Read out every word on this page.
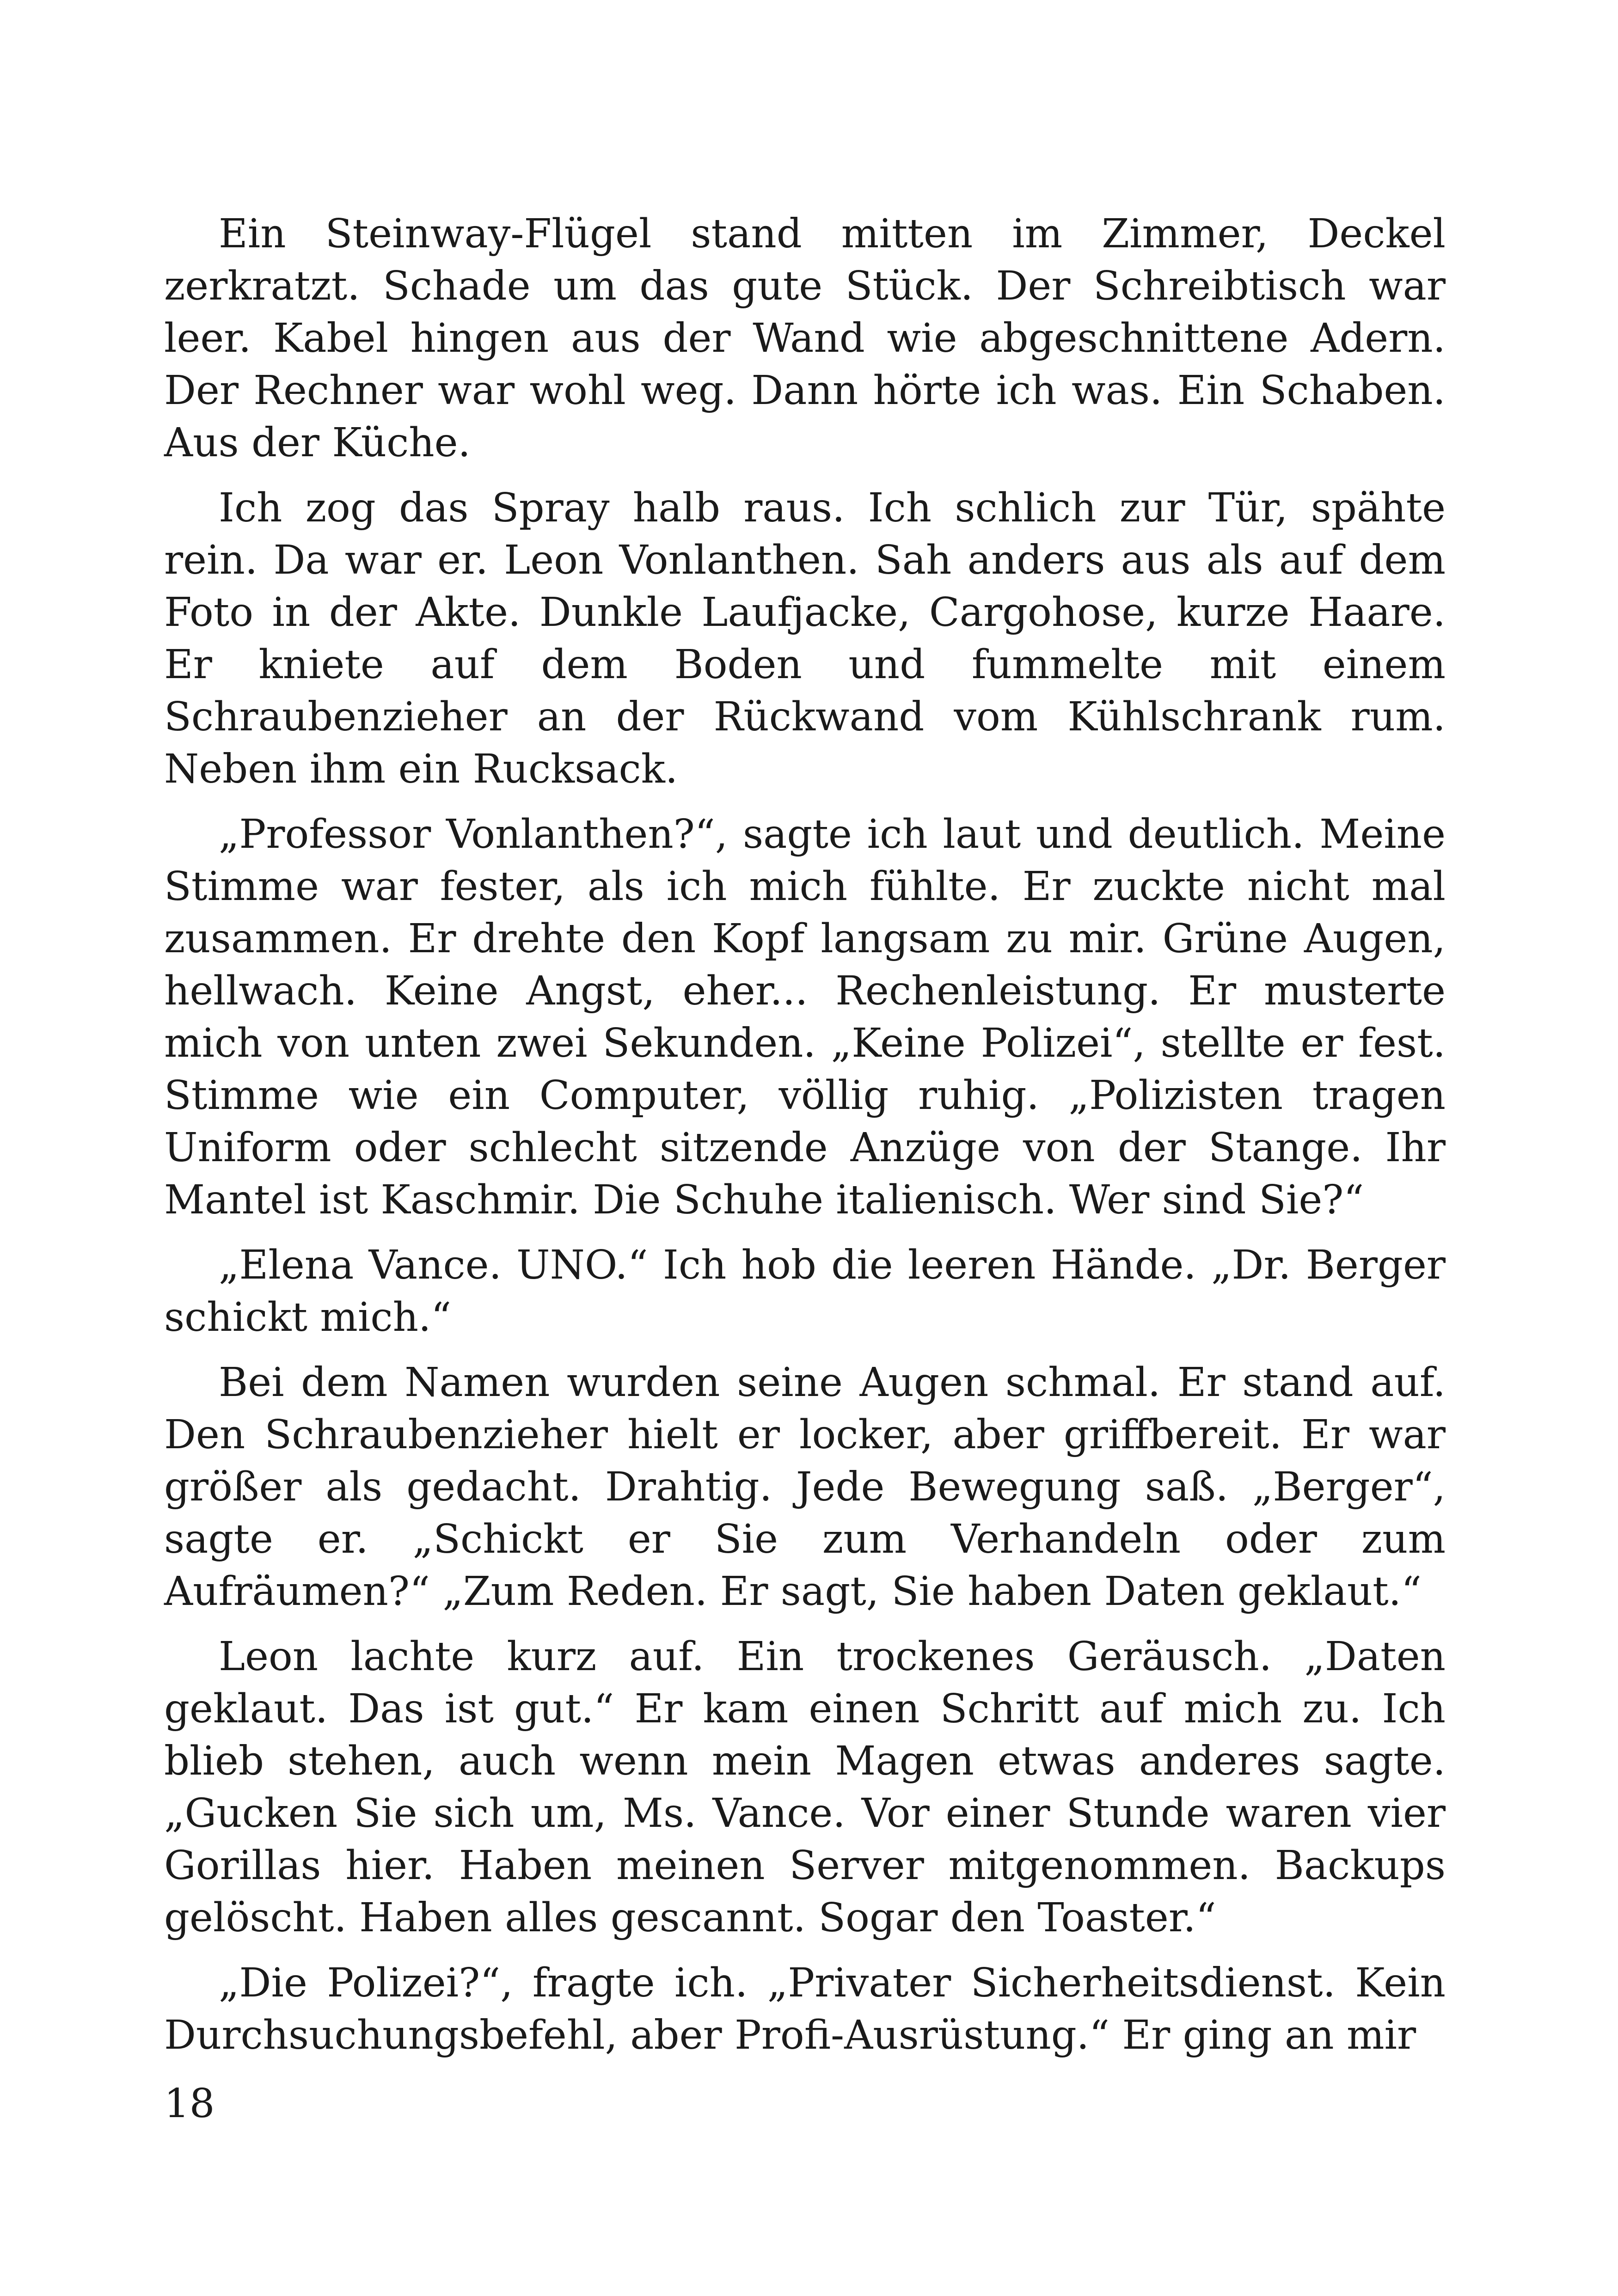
Ein Steinway-Flügel stand mitten im Zimmer, Deckel zerkratzt. Schade um das gute Stück. Der Schreibtisch war leer. Kabel hingen aus der Wand wie abgeschnittene Adern. Der Rechner war wohl weg. Dann hörte ich was. Ein Schaben. Aus der Küche.

Ich zog das Spray halb raus. Ich schlich zur Tür, spähte rein. Da war er. Leon Vonlanthen. Sah anders aus als auf dem Foto in der Akte. Dunkle Laufjacke, Cargohose, kurze Haare. Er kniete auf dem Boden und fummelte mit einem Schraubenzieher an der Rückwand vom Kühlschrank rum. Neben ihm ein Rucksack.

„Professor Vonlanthen?“, sagte ich laut und deutlich. Meine Stimme war fester, als ich mich fühlte. Er zuckte nicht mal zusammen. Er drehte den Kopf langsam zu mir. Grüne Augen, hellwach. Keine Angst, eher... Rechenleistung. Er musterte mich von unten zwei Sekunden. „Keine Polizei“, stellte er fest. Stimme wie ein Computer, völlig ruhig. „Polizisten tragen Uniform oder schlecht sitzende Anzüge von der Stange. Ihr Mantel ist Kaschmir. Die Schuhe italienisch. Wer sind Sie?“

„Elena Vance. UNO.“ Ich hob die leeren Hände. „Dr. Berger schickt mich.“

Bei dem Namen wurden seine Augen schmal. Er stand auf. Den Schraubenzieher hielt er locker, aber griffbereit. Er war größer als gedacht. Drahtig. Jede Bewegung saß. „Berger“, sagte er. „Schickt er Sie zum Verhandeln oder zum Aufräumen?“ „Zum Reden. Er sagt, Sie haben Daten geklaut.“

Leon lachte kurz auf. Ein trockenes Geräusch. „Daten geklaut. Das ist gut.“ Er kam einen Schritt auf mich zu. Ich blieb stehen, auch wenn mein Magen etwas anderes sagte. „Gucken Sie sich um, Ms. Vance. Vor einer Stunde waren vier Gorillas hier. Haben meinen Server mitgenommen. Backups gelöscht. Haben alles gescannt. Sogar den Toaster.“

„Die Polizei?“, fragte ich. „Privater Sicherheitsdienst. Kein Durchsuchungsbefehl, aber Profi-Ausrüstung.“ Er ging an mir

18
